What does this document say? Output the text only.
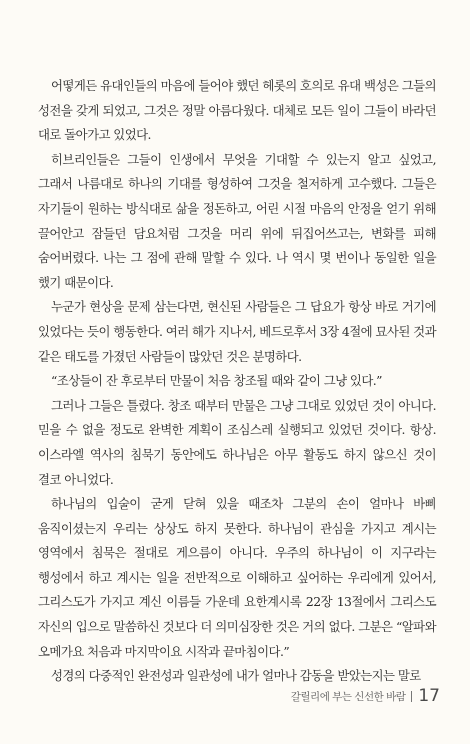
어떻게든 유대인들의 마음에 들어야 했던 헤롯의 호의로 유대 백성은 그들의 성전을 갖게 되었고, 그것은 정말 아름다웠다. 대체로 모든 일이 그들이 바라던 대로 돌아가고 있었다.

히브리인들은 그들이 인생에서 무엇을 기대할 수 있는지 알고 싶었고, 그래서 나름대로 하나의 기대를 형성하여 그것을 철저하게 고수했다. 그들은 자기들이 원하는 방식대로 삶을 정돈하고, 어린 시절 마음의 안정을 얻기 위해 끌어안고 잠들던 담요처럼 그것을 머리 위에 뒤집어쓰고는, 변화를 피해 숨어버렸다. 나는 그 점에 관해 말할 수 있다. 나 역시 몇 번이나 동일한 일을 했기 때문이다.

누군가 현상을 문제 삼는다면, 현신된 사람들은 그 답요가 항상 바로 거기에 있었다는 듯이 행동한다. 여러 해가 지나서, 베드로후서 3장 4절에 묘사된 것과 같은 태도를 가졌던 사람들이 많았던 것은 분명하다.

“조상들이 잔 후로부터 만물이 처음 창조될 때와 같이 그냥 있다.”

그러나 그들은 틀렸다. 창조 때부터 만물은 그냥 그대로 있었던 것이 아니다. 믿을 수 없을 정도로 완벽한 계획이 조심스레 실행되고 있었던 것이다. 항상. 이스라엘 역사의 침묵기 동안에도 하나님은 아무 활동도 하지 않으신 것이 결코 아니었다.

하나님의 입술이 굳게 닫혀 있을 때조차 그분의 손이 얼마나 바삐 움직이셨는지 우리는 상상도 하지 못한다. 하나님이 관심을 가지고 계시는 영역에서 침묵은 절대로 게으름이 아니다. 우주의 하나님이 이 지구라는 행성에서 하고 계시는 일을 전반적으로 이해하고 싶어하는 우리에게 있어서, 그리스도가 가지고 계신 이름들 가운데 요한계시록 22장 13절에서 그리스도 자신의 입으로 말씀하신 것보다 더 의미심장한 것은 거의 없다. 그분은 “알파와 오메가요 처음과 마지막이요 시작과 끝마침이다.”

성경의 다중적인 완전성과 일관성에 내가 얼마나 감동을 받았는지는 말로

갈릴리에 부는 신선한 바람 17
